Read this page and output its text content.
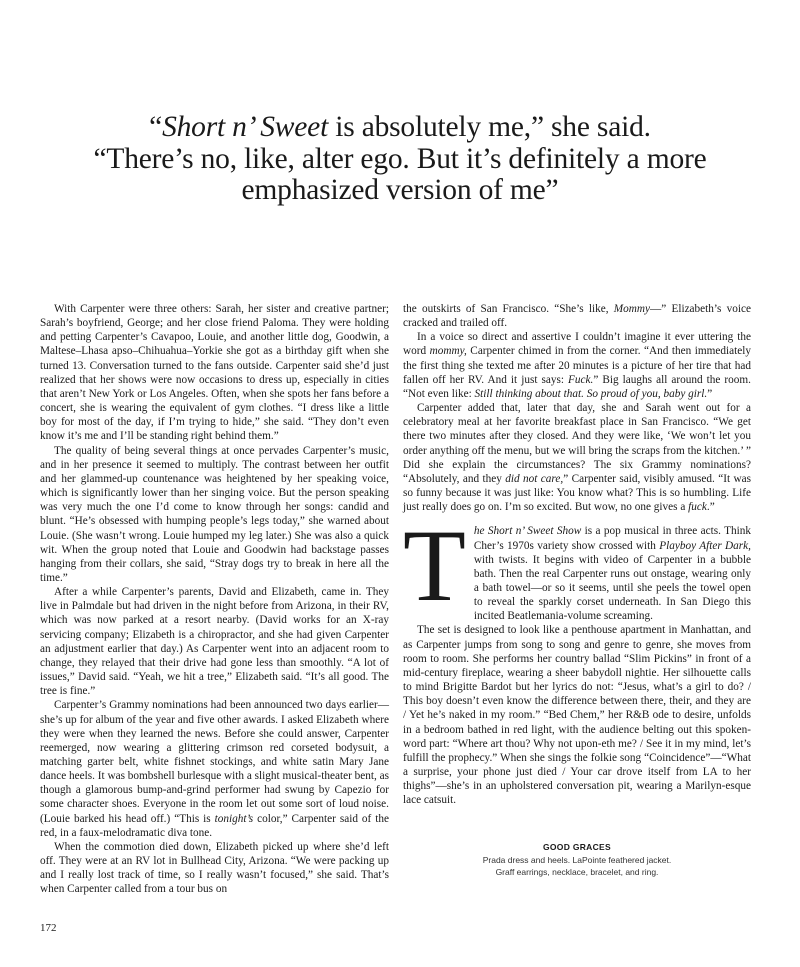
“Short n’ Sweet is absolutely me,” she said.
“There’s no, like, alter ego. But it’s definitely a more
emphasized version of me”

With Carpenter were three others: Sarah, her sister and creative partner; Sarah’s boyfriend, George; and her close friend Paloma. They were holding and petting Carpenter’s Cavapoo, Louie, and another little dog, Goodwin, a Maltese–Lhasa apso–Chihuahua–Yorkie she got as a birthday gift when she turned 13. Conversation turned to the fans outside. Carpenter said she’d just realized that her shows were now occasions to dress up, especially in cities that aren’t New York or Los Angeles. Often, when she spots her fans before a concert, she is wearing the equivalent of gym clothes. “I dress like a little boy for most of the day, if I’m trying to hide,” she said. “They don’t even know it’s me and I’ll be standing right behind them.”

The quality of being several things at once pervades Carpenter’s music, and in her presence it seemed to multiply. The contrast between her outfit and her glammed-up countenance was heightened by her speaking voice, which is significantly lower than her singing voice. But the person speaking was very much the one I’d come to know through her songs: candid and blunt. “He’s obsessed with humping people’s legs today,” she warned about Louie. (She wasn’t wrong. Louie humped my leg later.) She was also a quick wit. When the group noted that Louie and Goodwin had backstage passes hanging from their collars, she said, “Stray dogs try to break in here all the time.”

After a while Carpenter’s parents, David and Elizabeth, came in. They live in Palmdale but had driven in the night before from Arizona, in their RV, which was now parked at a resort nearby. (David works for an X-ray servicing company; Elizabeth is a chiropractor, and she had given Carpenter an adjustment earlier that day.) As Carpenter went into an adjacent room to change, they relayed that their drive had gone less than smoothly. “A lot of issues,” David said. “Yeah, we hit a tree,” Elizabeth said. “It’s all good. The tree is fine.”

Carpenter’s Grammy nominations had been announced two days earlier—she’s up for album of the year and five other awards. I asked Elizabeth where they were when they learned the news. Before she could answer, Carpenter reemerged, now wearing a glittering crimson red corseted bodysuit, a matching garter belt, white fishnet stockings, and white satin Mary Jane dance heels. It was bombshell burlesque with a slight musical-theater bent, as though a glamorous bump-and-grind performer had swung by Capezio for some character shoes. Everyone in the room let out some sort of loud noise. (Louie barked his head off.) “This is tonight’s color,” Carpenter said of the red, in a faux-melodramatic diva tone.

When the commotion died down, Elizabeth picked up where she’d left off. They were at an RV lot in Bullhead City, Arizona. “We were packing up and I really lost track of time, so I really wasn’t focused,” she said. That’s when Carpenter called from a tour bus on

the outskirts of San Francisco. “She’s like, Mommy—” Elizabeth’s voice cracked and trailed off.

In a voice so direct and assertive I couldn’t imagine it ever uttering the word mommy, Carpenter chimed in from the corner. “And then immediately the first thing she texted me after 20 minutes is a picture of her tire that had fallen off her RV. And it just says: Fuck.” Big laughs all around the room. “Not even like: Still thinking about that. So proud of you, baby girl.”

Carpenter added that, later that day, she and Sarah went out for a celebratory meal at her favorite breakfast place in San Francisco. “We get there two minutes after they closed. And they were like, ‘We won’t let you order anything off the menu, but we will bring the scraps from the kitchen.’ ” Did she explain the circumstances? The six Grammy nominations? “Absolutely, and they did not care,” Carpenter said, visibly amused. “It was so funny because it was just like: You know what? This is so humbling. Life just really does go on. I’m so excited. But wow, no one gives a fuck.”

T he Short n’ Sweet Show is a pop musical in three acts. Think Cher’s 1970s variety show crossed with Playboy After Dark, with twists. It begins with video of Carpenter in a bubble bath. Then the real Carpenter runs out onstage, wearing only a bath towel—or so it seems, until she peels the towel open to reveal the sparkly corset underneath. In San Diego this incited Beatlemania-volume screaming.

The set is designed to look like a penthouse apartment in Manhattan, and as Carpenter jumps from song to song and genre to genre, she moves from room to room. She performs her country ballad “Slim Pickins” in front of a mid-century fireplace, wearing a sheer babydoll nightie. Her silhouette calls to mind Brigitte Bardot but her lyrics do not: “Jesus, what’s a girl to do? / This boy doesn’t even know the difference between there, their, and they are / Yet he’s naked in my room.” “Bed Chem,” her R&B ode to desire, unfolds in a bedroom bathed in red light, with the audience belting out this spoken-word part: “Where art thou? Why not upon-eth me? / See it in my mind, let’s fulfill the prophecy.” When she sings the folkie song “Coincidence”—“What a surprise, your phone just died / Your car drove itself from LA to her thighs”—she’s in an upholstered conversation pit, wearing a Marilyn-esque lace catsuit.

GOOD GRACES
Prada dress and heels. LaPointe feathered jacket.
Graff earrings, necklace, bracelet, and ring.
172
